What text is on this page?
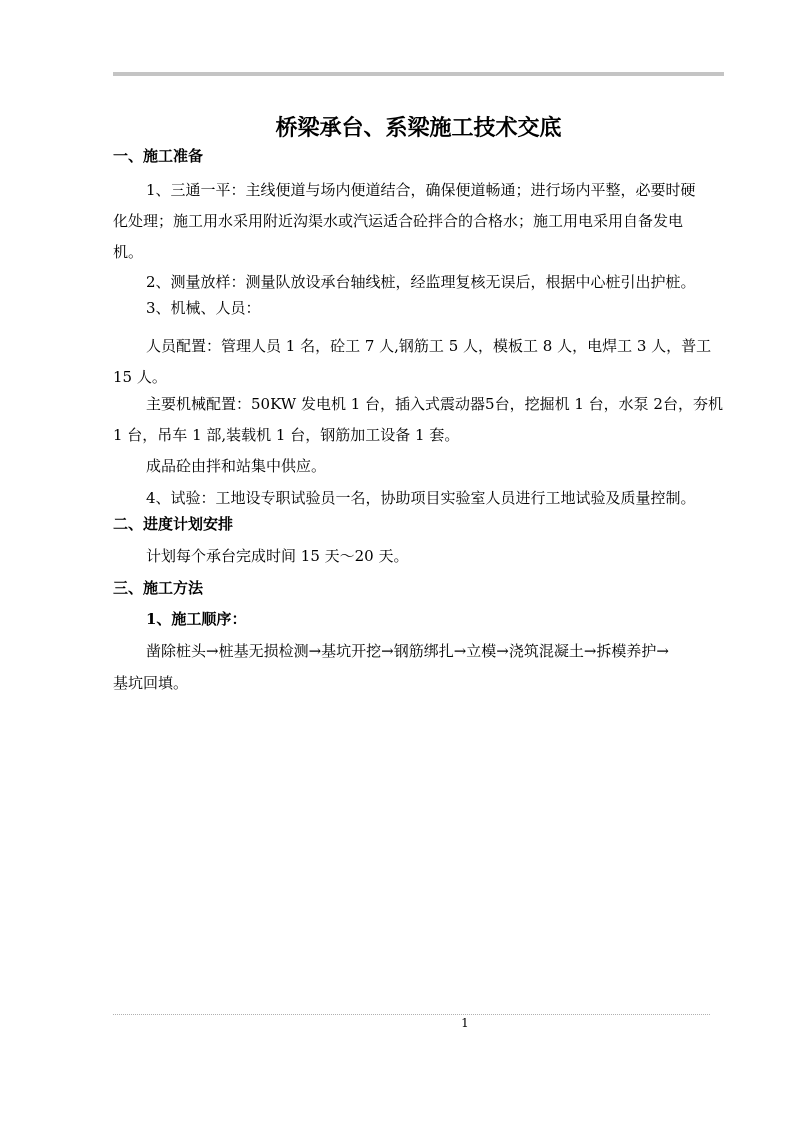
桥梁承台、系梁施工技术交底
一、施工准备
1、三通一平：主线便道与场内便道结合，确保便道畅通；进行场内平整，必要时硬
化处理；施工用水采用附近沟渠水或汽运适合砼拌合的合格水；施工用电采用自备发电
机。
2、测量放样：测量队放设承台轴线桩，经监理复核无误后，根据中心桩引出护桩。
3、机械、人员：
人员配置：管理人员 1 名，砼工 7 人,钢筋工 5 人，模板工 8 人，电焊工 3 人，普工
15 人。
主要机械配置：50KW 发电机 1 台，插入式震动器5台，挖掘机 1 台，水泵 2台，夯机
1 台，吊车 1 部,装载机 1 台，钢筋加工设备 1 套。
成品砼由拌和站集中供应。
4、试验：工地设专职试验员一名，协助项目实验室人员进行工地试验及质量控制。
二、进度计划安排
计划每个承台完成时间 15 天～20 天。
三、施工方法
1、施工顺序：
凿除桩头→桩基无损检测→基坑开挖→钢筋绑扎→立模→浇筑混凝土→拆模养护→
基坑回填。
1
